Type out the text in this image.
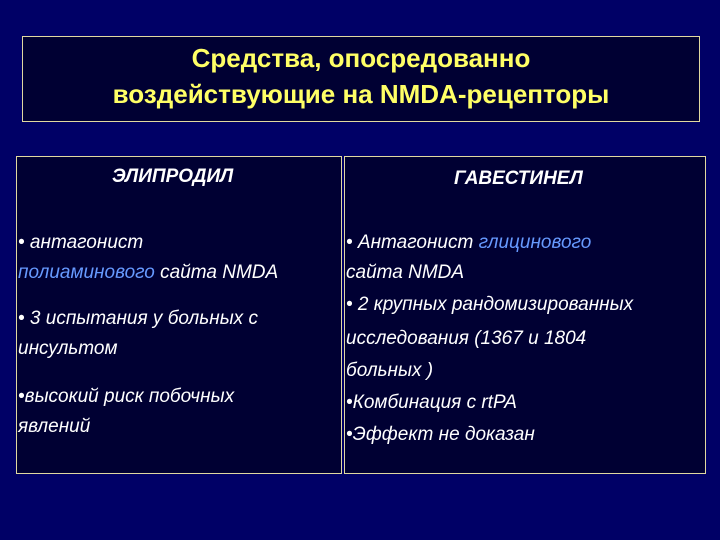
Средства, опосредованно
воздействующие на NMDA-рецепторы
ЭЛИПРОДИЛ	ГАВЕСТИНЕЛ
• антагонист
полиаминового сайта NMDA
• 3 испытания у больных с
инсультом
•высокий риск побочных
явлений
• Антагонист глицинового
сайта NMDA
• 2 крупных рандомизированных
исследования (1367 и 1804
больных )
•Комбинация с rtPA
•Эффект не доказан
